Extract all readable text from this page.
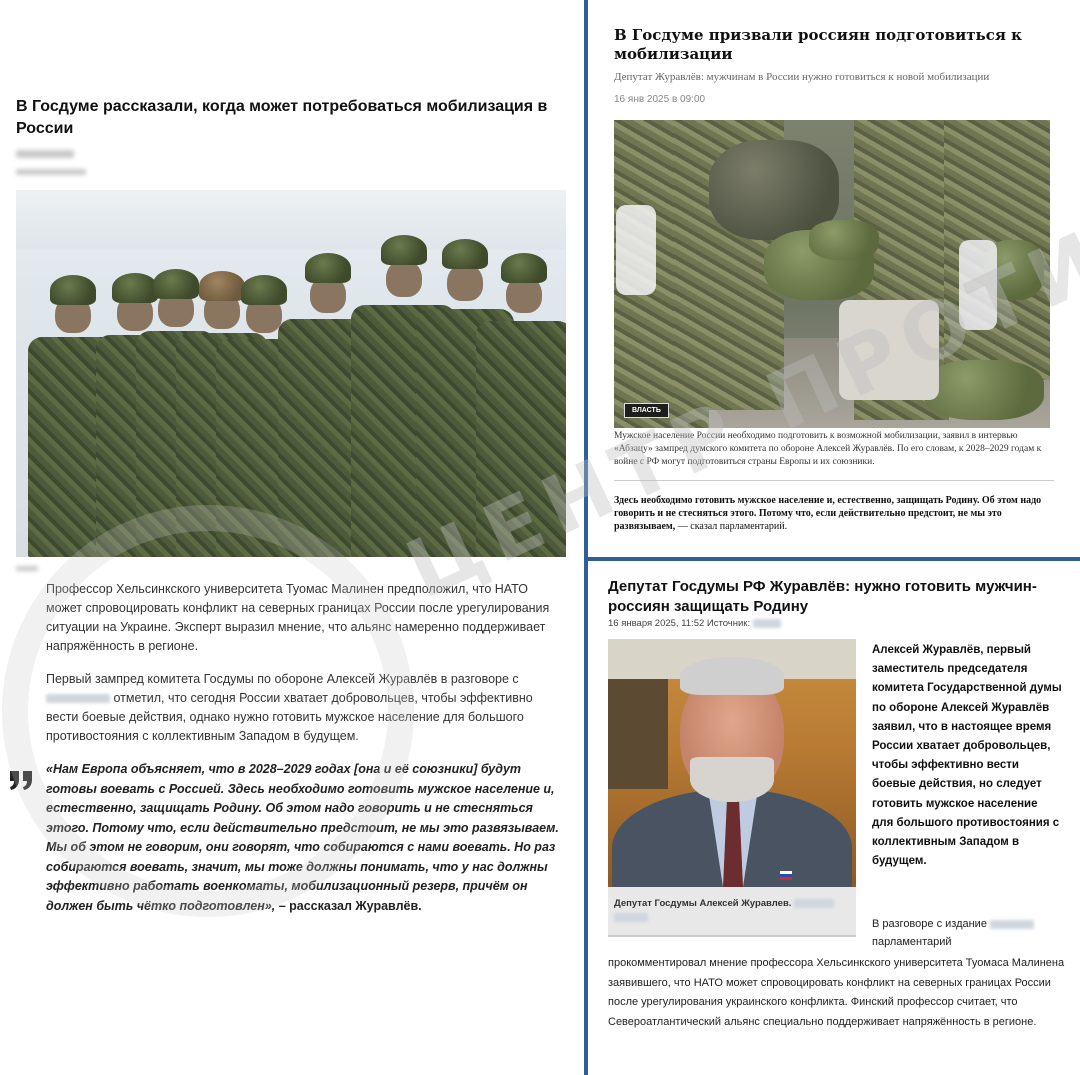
В Госдуме рассказали, когда может потребоваться мобилизация в России
Профессор Хельсинкского университета Туомас Малинен предположил, что НАТО может спровоцировать конфликт на северных границах России после урегулирования ситуации на Украине. Эксперт выразил мнение, что альянс намеренно поддерживает напряжённость в регионе.
Первый зампред комитета Госдумы по обороне Алексей Журавлёв в разговоре с  отметил, что сегодня России хватает добровольцев, чтобы эффективно вести боевые действия, однако нужно готовить мужское население для большого противостояния с коллективным Западом в будущем.
«Нам Европа объясняет, что в 2028–2029 годах [она и её союзники] будут готовы воевать с Россией. Здесь необходимо готовить мужское население и, естественно, защищать Родину. Об этом надо говорить и не стесняться этого. Потому что, если действительно предстоит, не мы это развязываем. Мы об этом не говорим, они говорят, что собираются с нами воевать. Но раз собираются воевать, значит, мы тоже должны понимать, что у нас должны эффективно работать военкоматы, мобилизационный резерв, причём он должен быть чётко подготовлен», – рассказал Журавлёв.
В Госдуме призвали россиян подготовиться к мобилизации
Депутат Журавлёв: мужчинам в России нужно готовиться к новой мобилизации
16 янв 2025 в 09:00
ВЛАСТЬ
Мужское население России необходимо подготовить к возможной мобилизации, заявил в интервью «Абзацу» зампред думского комитета по обороне Алексей Журавлёв. По его словам, к 2028–2029 годам к войне с РФ могут подготовиться страны Европы и их союзники.
Здесь необходимо готовить мужское население и, естественно, защищать Родину. Об этом надо говорить и не стесняться этого. Потому что, если действительно предстоит, не мы это развязываем, — сказал парламентарий.
Депутат Госдумы РФ Журавлёв: нужно готовить мужчин-россиян защищать Родину
16 января 2025, 11:52 Источник:
Депутат Госдумы Алексей Журавлев.

Алексей Журавлёв, первый заместитель председателя комитета Государственной думы по обороне Алексей Журавлёв заявил, что в настоящее время России хватает добровольцев, чтобы эффективно вести боевые действия, но следует готовить мужское население для большого противостояния с коллективным Западом в будущем.
В разговоре с издание
парламентарий
прокомментировал мнение профессора Хельсинкского университета Туомаса Малинена заявившего, что НАТО может спровоцировать конфликт на северных границах России после урегулирования украинского конфликта. Финский профессор считает, что Североатлантический альянс специально поддерживает напряжённость в регионе.
ЦЕНТР
